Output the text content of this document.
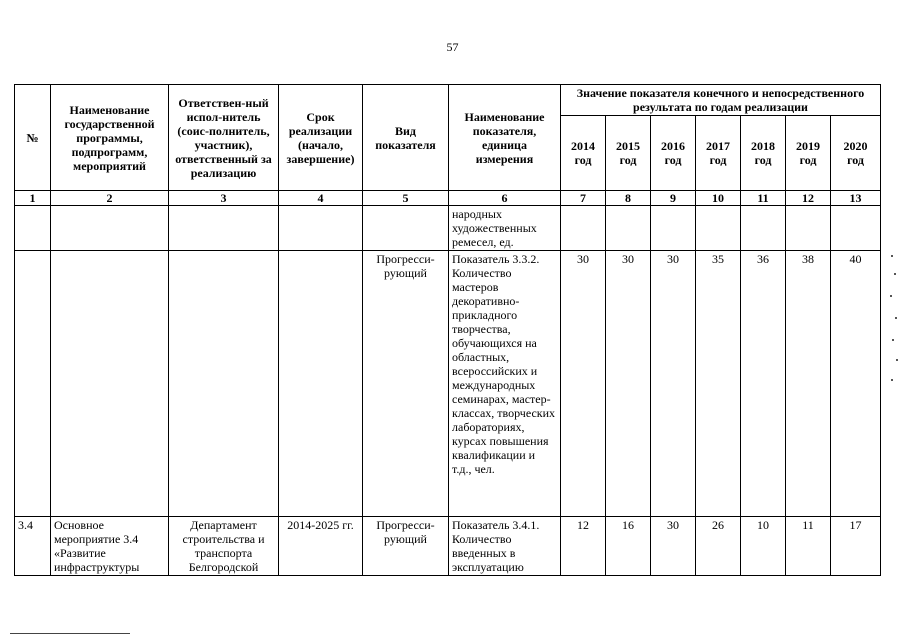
57
№	Наименование государственной программы, подпрограмм, мероприятий	Ответствен-ный испол-нитель (соис-полнитель, участник), ответственный за реализацию	Срок реализации (начало, завершение)	Вид показателя	Наименование показателя, единица измерения	Значение показателя конечного и непосредственного результата по годам реализации						
						2014 год	2015 год	2016 год	2017 год	2018 год	2019 год	2020 год
1	2	3	4	5	6	7	8	9	10	11	12	13
					народных художественных ремесел, ед.							
				Прогресси-рующий	Показатель 3.3.2. Количество мастеров декоративно-прикладного творчества, обучающихся на областных, всероссийских и международных семинарах, мастер-классах, творческих лабораториях, курсах повышения квалификации и т.д., чел.	30	30	30	35	36	38	40
3.4	Основное мероприятие 3.4 «Развитие инфраструктуры	Департамент строительства и транспорта Белгородской	2014-2025 гг.	Прогресси-рующий	Показатель 3.4.1. Количество введенных в эксплуатацию	12	16	30	26	10	11	17
